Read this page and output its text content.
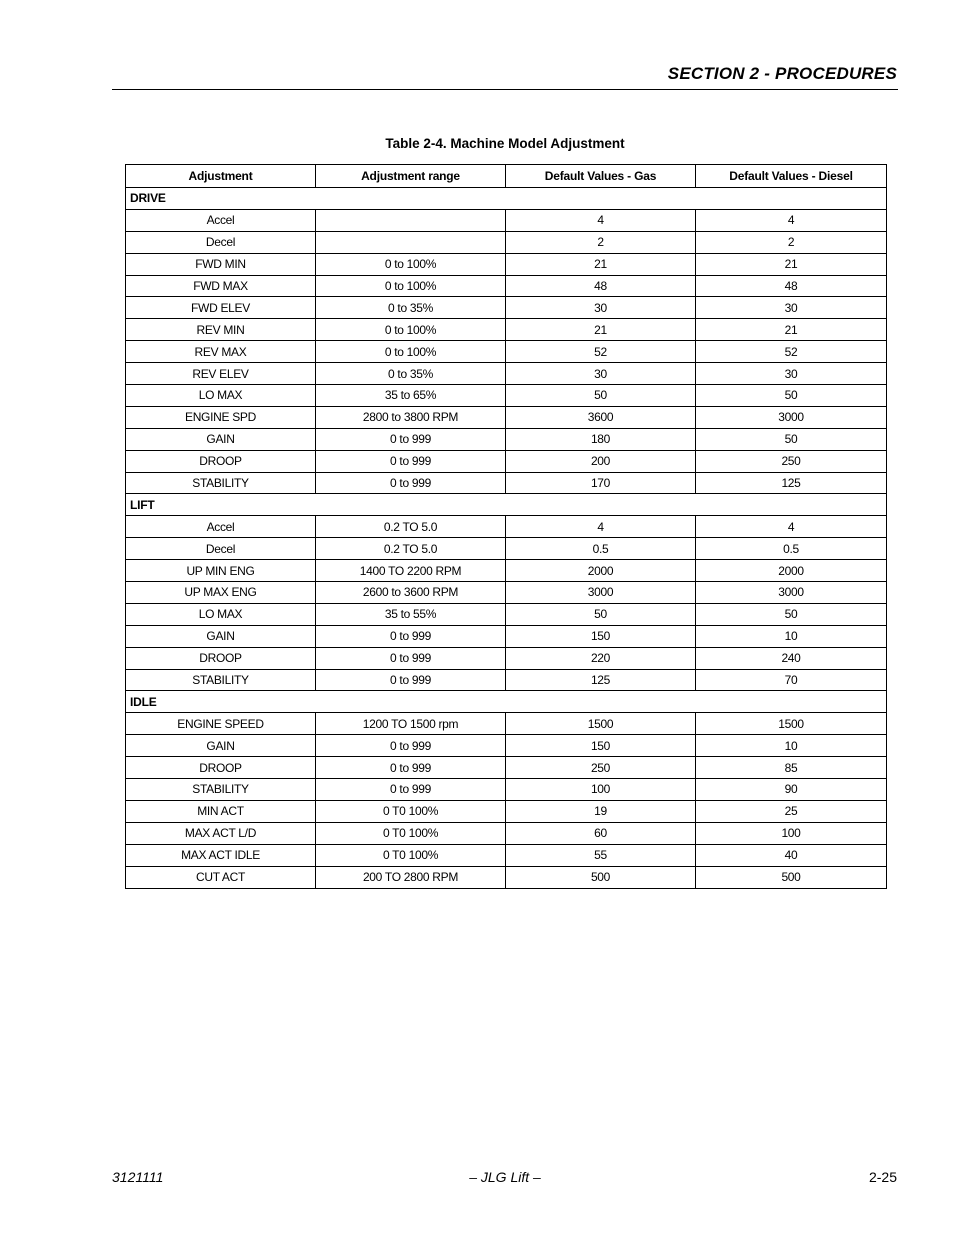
SECTION 2 - PROCEDURES
Table 2-4. Machine Model Adjustment
Adjustment	Adjustment range	Default Values - Gas	Default Values - Diesel
DRIVE			
Accel		4	4
Decel		2	2
FWD MIN	0 to 100%	21	21
FWD MAX	0 to 100%	48	48
FWD ELEV	0 to 35%	30	30
REV MIN	0 to 100%	21	21
REV MAX	0 to 100%	52	52
REV ELEV	0 to 35%	30	30
LO MAX	35 to 65%	50	50
ENGINE SPD	2800 to 3800 RPM	3600	3000
GAIN	0 to 999	180	50
DROOP	0 to 999	200	250
STABILITY	0 to 999	170	125
LIFT			
Accel	0.2 TO 5.0	4	4
Decel	0.2 TO 5.0	0.5	0.5
UP MIN ENG	1400 TO 2200 RPM	2000	2000
UP MAX ENG	2600 to 3600 RPM	3000	3000
LO MAX	35 to 55%	50	50
GAIN	0 to 999	150	10
DROOP	0 to 999	220	240
STABILITY	0 to 999	125	70
IDLE			
ENGINE SPEED	1200 TO 1500 rpm	1500	1500
GAIN	0 to 999	150	10
DROOP	0 to 999	250	85
STABILITY	0 to 999	100	90
MIN ACT	0 T0 100%	19	25
MAX ACT L/D	0 T0 100%	60	100
MAX ACT IDLE	0 T0 100%	55	40
CUT ACT	200 TO 2800 RPM	500	500
3121111	– JLG Lift –	2-25
